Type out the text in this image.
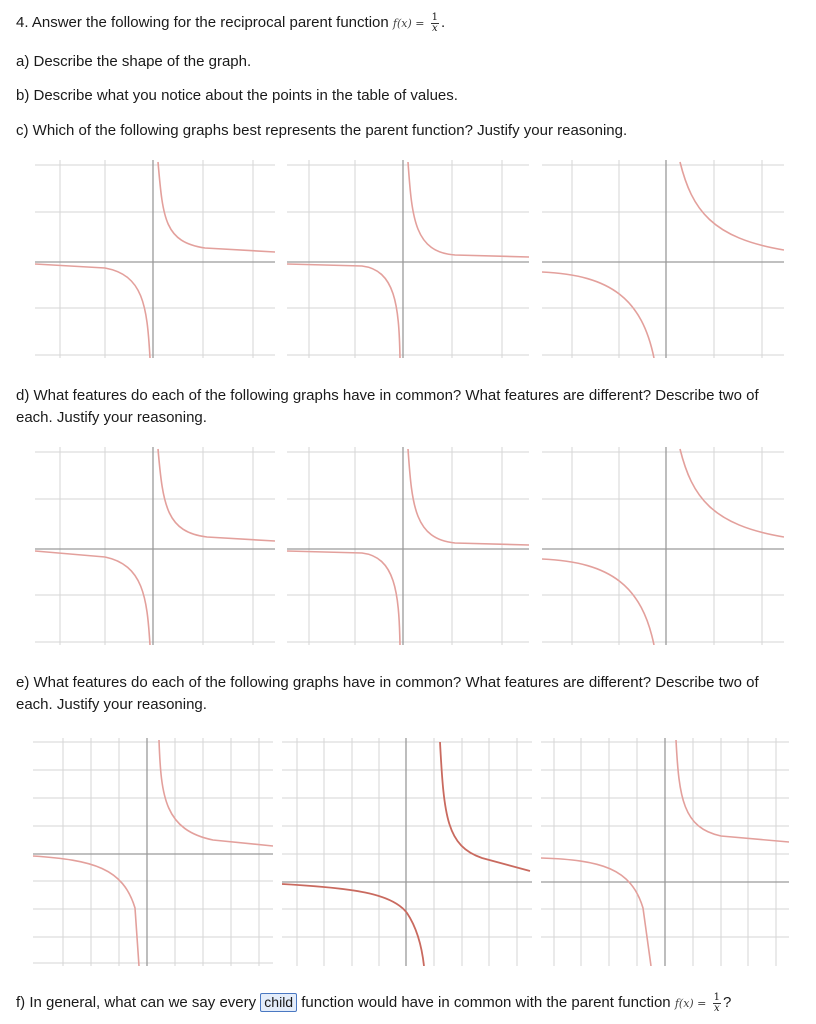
4. Answer the following for the reciprocal parent function $f(x) = \frac{1}{x}$ .
a) Describe the shape of the graph.
b) Describe what you notice about the points in the table of values.
c) Which of the following graphs best represents the parent function? Justify your reasoning.
d) What features do each of the following graphs have in common? What features are different? Describe two of each. Justify your reasoning.
e) What features do each of the following graphs have in common? What features are different? Describe two of each. Justify your reasoning.
f) In general, what can we say every child function would have in common with the parent function $f(x) = \frac{1}{x}$ ?
